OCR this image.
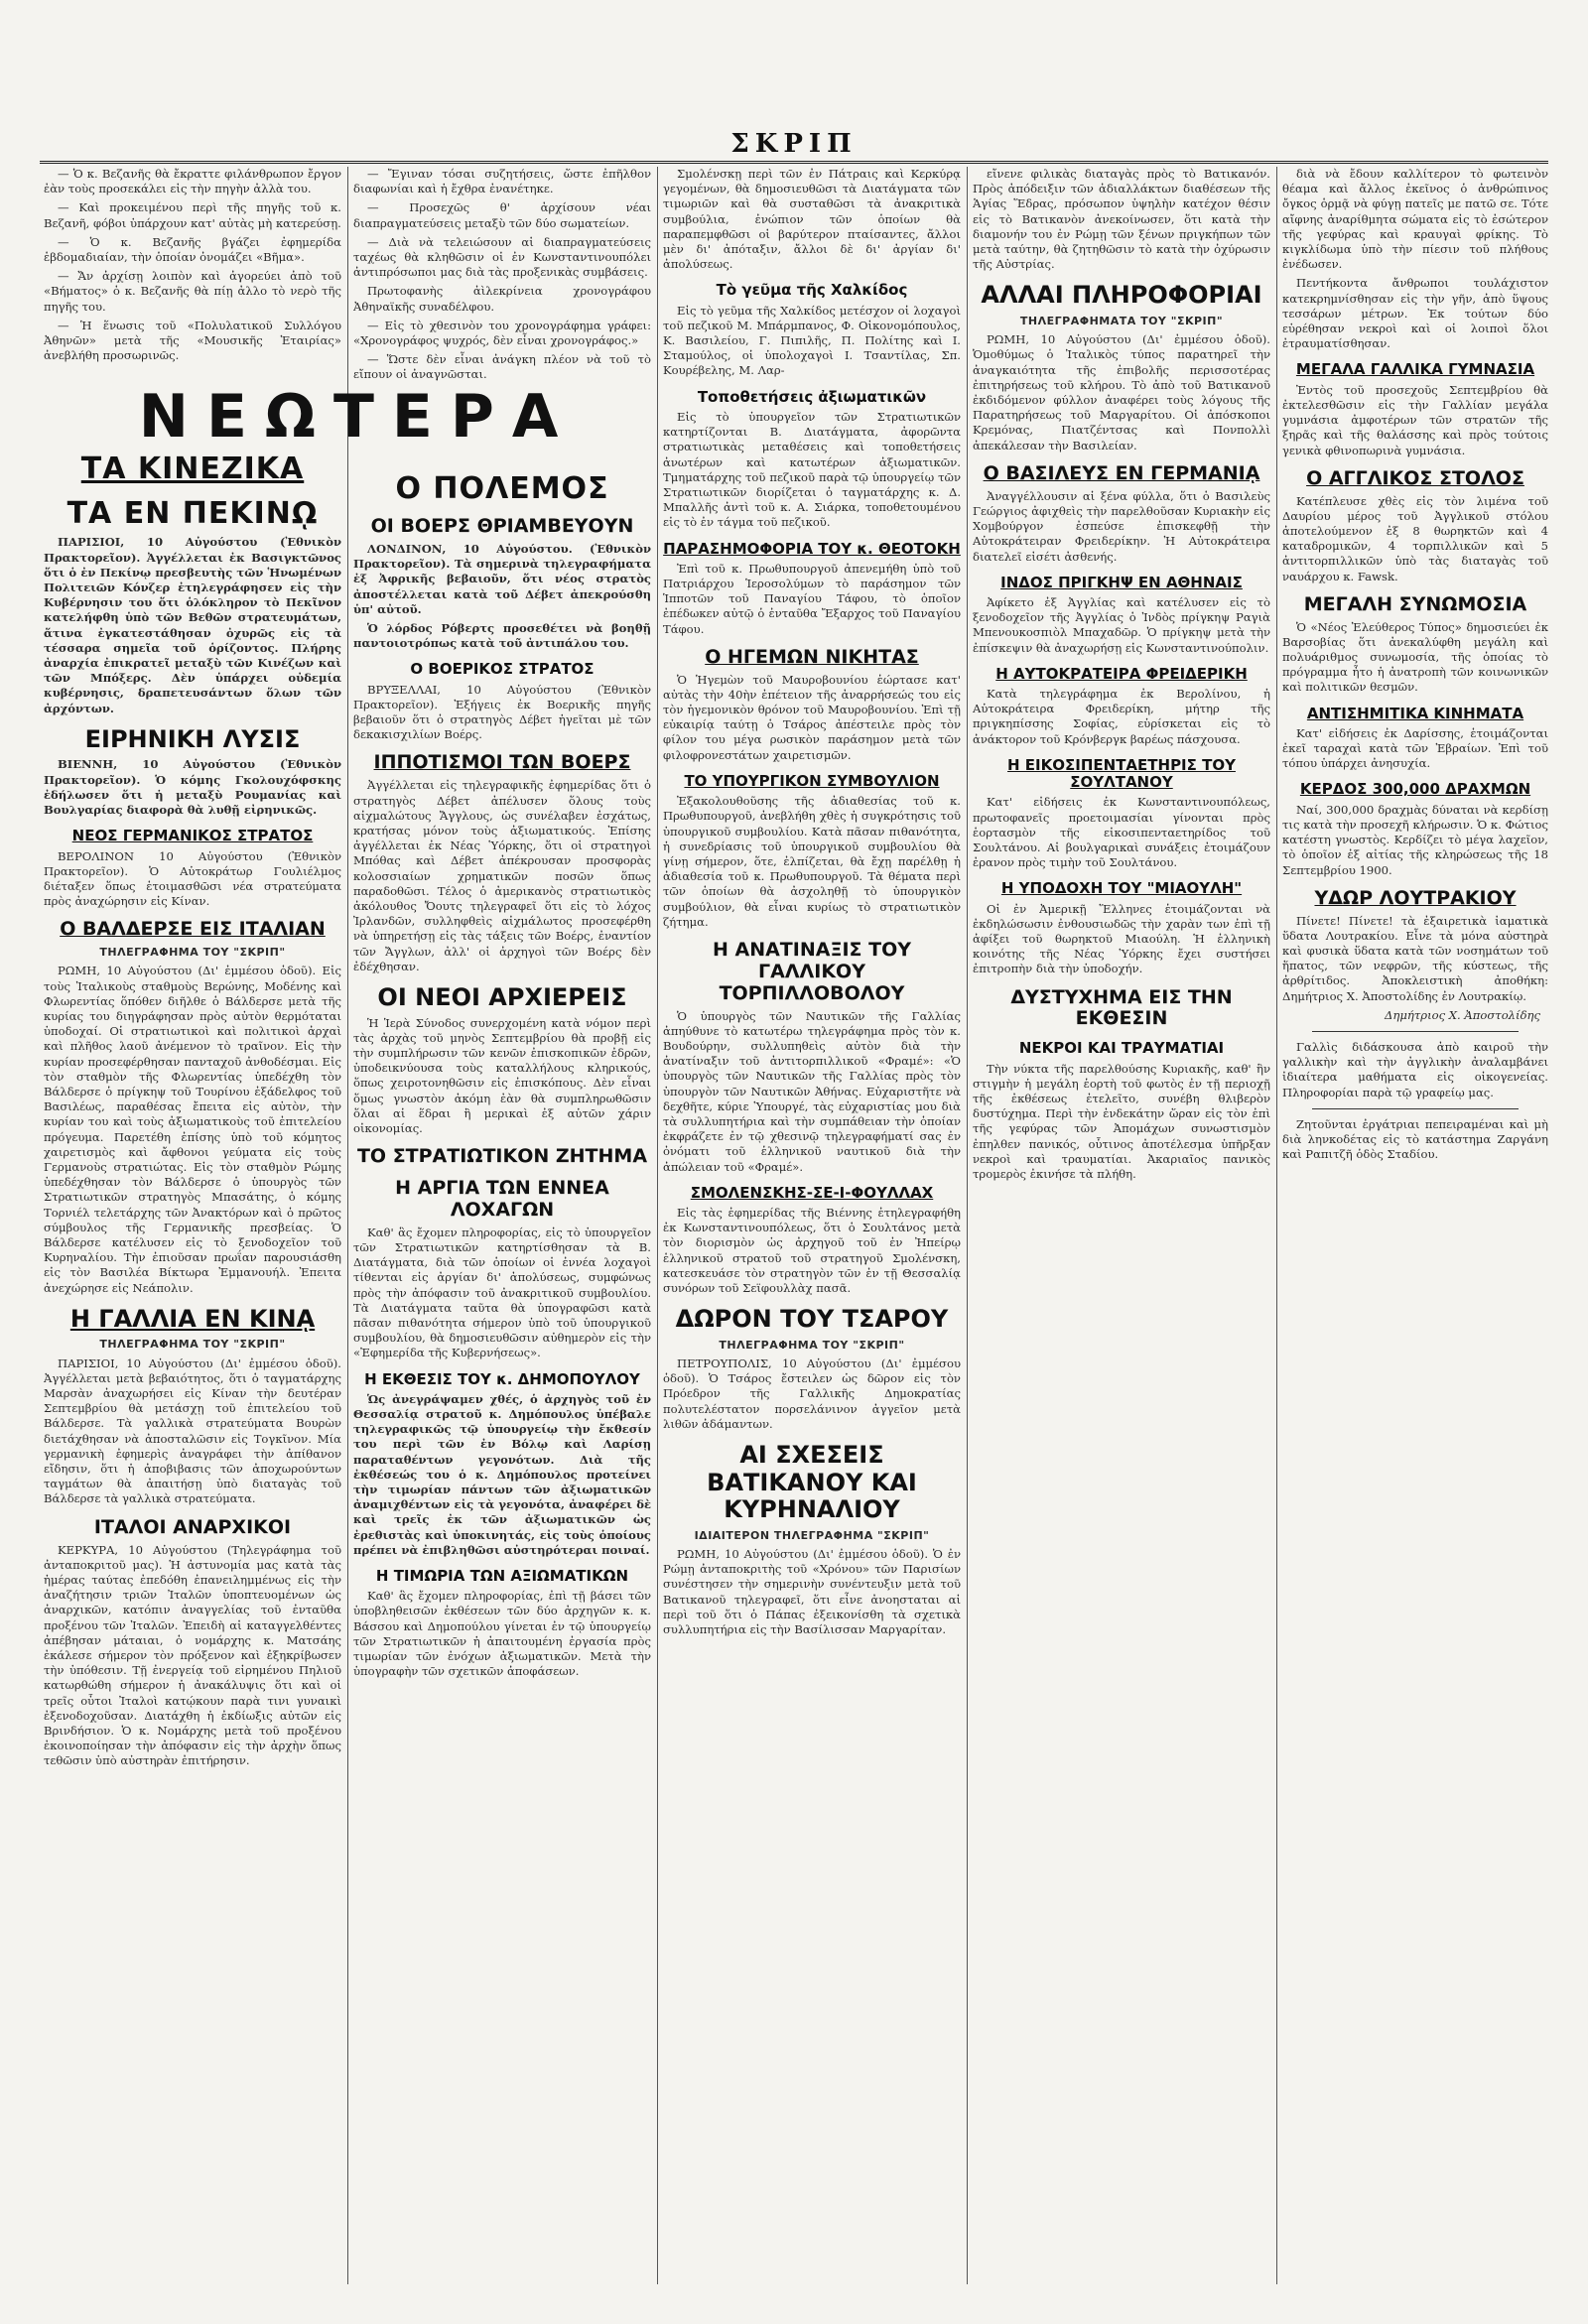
ΣΚΡΙΠ
ΝΕΩΤΕΡΑ

— Ὁ κ. Βεζανῆς θὰ ἔκραττε φιλάνθρωπον ἔργον ἐὰν τοὺς προσεκάλει εἰς τὴν πηγὴν ἀλλὰ του.

— Καὶ προκειμένου περὶ τῆς πηγῆς τοῦ κ. Βεζανῆ, φόβοι ὑπάρχουν κατ' αὐτὰς μὴ κατερεύσῃ.

— Ὁ κ. Βεζανῆς βγάζει ἐφημερίδα ἑβδομαδιαίαν, τὴν ὁποίαν ὀνομάζει «Βῆμα».

— Ἄν ἀρχίσῃ λοιπὸν καὶ ἀγορεύει ἀπὸ τοῦ «Βήματος» ὁ κ. Βεζανῆς θὰ πίῃ ἀλλο τὸ νερὸ τῆς πηγῆς του.

— Ἡ ἕνωσις τοῦ «Πολυλατικοῦ Συλλόγου Ἀθηνῶν» μετὰ τῆς «Μουσικῆς Ἑταιρίας» ἀνεβλήθη προσωρινῶς.

ΤΑ ΚΙΝΕΖΙΚΑ
ΤΑ ΕΝ ΠΕΚΙΝῼ

ΠΑΡΙΣΙΟΙ, 10 Αὐγούστου (Ἐθνικὸν Πρακτορεῖον). Ἀγγέλλεται ἐκ Βασιγκτῶνος ὅτι ὁ ἐν Πεκίνῳ πρεσβευτὴς τῶν Ἡνωμένων Πολιτειῶν Κόνζερ ἐτηλεγράφησεν εἰς τὴν Κυβέρνησιν του ὅτι ὁλόκληρον τὸ Πεκῖνον κατελήφθη ὑπὸ τῶν Βεθῶν στρατευμάτων, ἅτινα ἐγκατεστάθησαν ὀχυρῶς εἰς τὰ τέσσαρα σημεῖα τοῦ ὁρίζοντος. Πλήρης ἀναρχία ἐπικρατεῖ μεταξὺ τῶν Κινέζων καὶ τῶν Μπόξερς. Δὲν ὑπάρχει οὐδεμία κυβέρνησις, δραπετευσάντων ὅλων τῶν ἀρχόντων.

ΕΙΡΗΝΙΚΗ ΛΥΣΙΣ

ΒΙΕΝΝΗ, 10 Αὐγούστου (Ἐθνικὸν Πρακτορεῖον). Ὁ κόμης Γκολουχόφσκης ἐδήλωσεν ὅτι ἡ μεταξὺ Ρουμανίας καὶ Βουλγαρίας διαφορὰ θὰ λυθῇ εἰρηνικῶς.

ΝΕΟΣ ΓΕΡΜΑΝΙΚΟΣ ΣΤΡΑΤΟΣ

ΒΕΡΟΛΙΝΟΝ 10 Αὐγούστου (Ἐθνικὸν Πρακτορεῖον). Ὁ Αὐτοκράτωρ Γουλιέλμος διέταξεν ὅπως ἑτοιμασθῶσι νέα στρατεύματα πρὸς ἀναχώρησιν εἰς Κίναν.

Ο ΒΑΛΔΕΡΣΕ ΕΙΣ ΙΤΑΛΙΑΝ
ΤΗΛΕΓΡΑΦΗΜΑ ΤΟΥ "ΣΚΡΙΠ"

ΡΩΜΗ, 10 Αὐγούστου (Δι' ἐμμέσου ὁδοῦ). Εἰς τοὺς Ἰταλικοὺς σταθμοὺς Βερώνης, Μοδένης καὶ Φλωρεντίας ὅπόθεν διῆλθε ὁ Βάλδερσε μετὰ τῆς κυρίας του διηγράφησαν πρὸς αὐτὸν θερμόταται ὑποδοχαί. Οἱ στρατιωτικοὶ καὶ πολιτικοὶ ἀρχαὶ καὶ πλῆθος λαοῦ ἀνέμενον τὸ τραῖνον. Εἰς τὴν κυρίαν προσεφέρθησαν πανταχοῦ ἀνθοδέσμαι. Εἰς τὸν σταθμὸν τῆς Φλωρεντίας ὑπεδέχθη τὸν Βάλδερσε ὁ πρίγκηψ τοῦ Τουρίνου ἐξάδελφος τοῦ Βασιλέως, παραθέσας ἔπειτα εἰς αὐτὸν, τὴν κυρίαν του καὶ τοὺς ἀξιωματικοὺς τοῦ ἐπιτελείου πρόγευμα. Παρετέθη ἐπίσης ὑπὸ τοῦ κόμητος χαιρετισμὸς καὶ ἄφθονοι γεύματα εἰς τοὺς Γερμανοὺς στρατιώτας. Εἰς τὸν σταθμὸν Ρώμης ὑπεδέχθησαν τὸν Βάλδερσε ὁ ὑπουργὸς τῶν Στρατιωτικῶν στρατηγὸς Μπασάτης, ὁ κόμης Τορνιέλ τελετάρχης τῶν Ἀνακτόρων καὶ ὁ πρῶτος σύμβουλος τῆς Γερμανικῆς πρεσβείας. Ὁ Βάλδερσε κατέλυσεν εἰς τὸ ξενοδοχεῖον τοῦ Κυρηναλίου. Τὴν ἐπιοῦσαν πρωΐαν παρουσιάσθη εἰς τὸν Βασιλέα Βίκτωρα Ἐμμανουήλ. Ἐπειτα ἀνεχώρησε εἰς Νεάπολιν.

Η ΓΑΛΛΙΑ ΕΝ ΚΙΝᾼ
ΤΗΛΕΓΡΑΦΗΜΑ ΤΟΥ "ΣΚΡΙΠ"

ΠΑΡΙΣΙΟΙ, 10 Αὐγούστου (Δι' ἐμμέσου ὁδοῦ). Ἀγγέλλεται μετὰ βεβαιότητος, ὅτι ὁ ταγματάρχης Μαρσὰν ἀναχωρήσει εἰς Κίναν τὴν δευτέραν Σεπτεμβρίου θὰ μετάσχῃ τοῦ ἐπιτελείου τοῦ Βάλδερσε. Τὰ γαλλικὰ στρατεύματα Βουρὼν διετάχθησαν νὰ ἀποσταλῶσιν εἰς Τογκῖνον. Μία γερμανικὴ ἐφημερὶς ἀναγράφει τὴν ἀπίθανον εἴδησιν, ὅτι ἡ ἀποβιβασις τῶν ἀποχωρούντων ταγμάτων θὰ ἀπαιτήσῃ ὑπὸ διαταγὰς τοῦ Βάλδερσε τὰ γαλλικὰ στρατεύματα.

ΙΤΑΛΟΙ ΑΝΑΡΧΙΚΟΙ

ΚΕΡΚΥΡΑ, 10 Αὐγούστου (Τηλεγράφημα τοῦ ἀνταποκριτοῦ μας). Ἡ ἀστυνομία μας κατὰ τὰς ἡμέρας ταύτας ἐπεδόθη ἐπανειλημμένως εἰς τὴν ἀναζήτησιν τριῶν Ἰταλῶν ὑποπτευομένων ὡς ἀναρχικῶν, κατόπιν ἀναγγελίας τοῦ ἐνταῦθα προξένου τῶν Ἰταλῶν. Ἐπειδὴ αἱ καταγγελθέντες ἀπέβησαν μάταιαι, ὁ νομάρχης κ. Ματσάης ἐκάλεσε σήμερον τὸν πρόξενον καὶ ἐξηκρίβωσεν τὴν ὑπόθεσιν. Τῇ ἐνεργείᾳ τοῦ εἰρημένου Πηλιοῦ κατωρθώθη σήμερον ἡ ἀνακάλυψις ὅτι καὶ οἱ τρεῖς οὗτοι Ἰταλοὶ κατῴκουν παρὰ τινι γυναικὶ ἐξενοδοχοῦσαν. Διατάχθη ἡ ἐκδίωξις αὐτῶν εἰς Βρινδήσιον. Ὁ κ. Νομάρχης μετὰ τοῦ προξένου ἐκοινοποίησαν τὴν ἀπόφασιν εἰς τὴν ἀρχὴν ὅπως τεθῶσιν ὑπὸ αὐστηρὰν ἐπιτήρησιν.

— Ἔγιναν τόσαι συζητήσεις, ὥστε ἐπῆλθον διαφωνίαι καὶ ἡ ἔχθρα ἐνανέτηκε.

— Προσεχῶς θ' ἀρχίσουν νέαι διαπραγματεύσεις μεταξὺ τῶν δύο σωματείων.

— Διὰ νὰ τελειώσουν αἱ διαπραγματεύσεις ταχέως θὰ κληθῶσιν οἱ ἐν Κωνσταντινουπόλει ἀντιπρόσωποι μας διὰ τὰς προξενικὰς συμβάσεις.

Πρωτοφανὴς ἀὶλεκρίνεια χρονογράφου Ἀθηναϊκῆς συναδέλφου.

— Εἰς τὸ χθεσινὸν του χρονογράφημα γράφει: «Χρονογράφος ψυχρός, δὲν εἶναι χρονογράφος.»

— Ὥστε δὲν εἶναι ἀνάγκη πλέον νὰ τοῦ τὸ εἴπουν οἱ ἀναγνῶσται.

Ο ΠΟΛΕΜΟΣ
ΟΙ ΒΟΕΡΣ ΘΡΙΑΜΒΕΥΟΥΝ

ΛΟΝΔΙΝΟΝ, 10 Αὐγούστου. (Ἐθνικὸν Πρακτορεῖον). Τὰ σημερινὰ τηλεγραφήματα ἐξ Ἀφρικῆς βεβαιοῦν, ὅτι νέος στρατὸς ἀποστέλλεται κατὰ τοῦ Δέβετ ἀπεκρούσθη ὑπ' αὐτοῦ.

Ὁ λόρδος Ρόβερτς προσεθέτει νὰ βοηθῇ παντοιοτρόπως κατὰ τοῦ ἀντιπάλου του.

Ο ΒΟΕΡΙΚΟΣ ΣΤΡΑΤΟΣ

ΒΡΥΞΕΛΛΑΙ, 10 Αὐγούστου (Ἐθνικὸν Πρακτορεῖον). Ἐξήγεις ἐκ Βοερικῆς πηγῆς βεβαιοῦν ὅτι ὁ στρατηγὸς Δέβετ ἡγεῖται μὲ τῶν δεκακισχιλίων Βοέρς.

ΙΠΠΟΤΙΣΜΟΙ ΤΩΝ ΒΟΕΡΣ

Ἀγγέλλεται εἰς τηλεγραφικῆς ἐφημερίδας ὅτι ὁ στρατηγὸς Δέβετ ἀπέλυσεν ὅλους τοὺς αἰχμαλώτους Ἄγγλους, ὡς συνέλαβεν ἐσχάτως, κρατήσας μόνον τοὺς ἀξιωματικούς. Ἐπίσης ἀγγέλλεται ἐκ Νέας Ὑόρκης, ὅτι οἱ στρατηγοὶ Μπόθας καὶ Δέβετ ἀπέκρουσαν προσφορὰς κολοσσιαίων χρηματικῶν ποσῶν ὅπως παραδοθῶσι. Τέλος ὁ ἀμερικανὸς στρατιωτικὸς ἀκόλουθος Ὄουτς τηλεγραφεῖ ὅτι εἰς τὸ λόχος Ἰρλανδῶν, συλληφθεὶς αἰχμάλωτος προσεφέρθη νὰ ὑπηρετήσῃ εἰς τὰς τάξεις τῶν Βοέρς, ἐναντίον τῶν Ἄγγλων, ἀλλ' οἱ ἀρχηγοὶ τῶν Βοέρς δὲν ἐδέχθησαν.

ΟΙ ΝΕΟΙ ΑΡΧΙΕΡΕΙΣ

Ἡ Ἱερὰ Σύνοδος συνερχομένη κατὰ νόμον περὶ τὰς ἀρχὰς τοῦ μηνὸς Σεπτεμβρίου θὰ προβῇ εἰς τὴν συμπλήρωσιν τῶν κενῶν ἐπισκοπικῶν ἐδρῶν, ὑποδεικνύουσα τοὺς καταλλήλους κληρικούς, ὅπως χειροτονηθῶσιν εἰς ἐπισκόπους. Δὲν εἶναι ὅμως γνωστὸν ἀκόμη ἐὰν θὰ συμπληρωθῶσιν ὅλαι αἱ ἕδραι ἢ μερικαὶ ἐξ αὐτῶν χάριν οἰκονομίας.

ΤΟ ΣΤΡΑΤΙΩΤΙΚΟΝ ΖΗΤΗΜΑ
Η ΑΡΓΙΑ ΤΩΝ ΕΝΝΕΑ ΛΟΧΑΓΩΝ

Καθ' ἃς ἔχομεν πληροφορίας, εἰς τὸ ὑπουργεῖον τῶν Στρατιωτικῶν κατηρτίσθησαν τὰ Β. Διατάγματα, διὰ τῶν ὁποίων οἱ ἐννέα λοχαγοὶ τίθενται εἰς ἀργίαν δι' ἀπολύσεως, συμφώνως πρὸς τὴν ἀπόφασιν τοῦ ἀνακριτικοῦ συμβουλίου. Τὰ Διατάγματα ταῦτα θὰ ὑπογραφῶσι κατὰ πᾶσαν πιθανότητα σήμερον ὑπὸ τοῦ ὑπουργικοῦ συμβουλίου, θὰ δημοσιευθῶσιν αὐθημερὸν εἰς τὴν «Ἐφημερίδα τῆς Κυβερνήσεως».

Η ΕΚΘΕΣΙΣ ΤΟΥ κ. ΔΗΜΟΠΟΥΛΟΥ

Ὡς ἀνεγράψαμεν χθές, ὁ ἀρχηγὸς τοῦ ἐν Θεσσαλίᾳ στρατοῦ κ. Δημόπουλος ὑπέβαλε τηλεγραφικῶς τῷ ὑπουργείῳ τὴν ἔκθεσίν του περὶ τῶν ἐν Βόλῳ καὶ Λαρίσῃ παραταθέντων γεγονότων. Διὰ τῆς ἐκθέσεώς του ὁ κ. Δημόπουλος προτείνει τὴν τιμωρίαν πάντων τῶν ἀξιωματικῶν ἀναμιχθέντων εἰς τὰ γεγονότα, ἀναφέρει δὲ καὶ τρεῖς ἐκ τῶν ἀξιωματικῶν ὡς ἐρεθιστὰς καὶ ὑποκινητάς, εἰς τοὺς ὁποίους πρέπει νὰ ἐπιβληθῶσι αὐστηρότεραι ποιναί.

Η ΤΙΜΩΡΙΑ ΤΩΝ ΑΞΙΩΜΑΤΙΚΩΝ

Καθ' ἃς ἔχομεν πληροφορίας, ἐπὶ τῇ βάσει τῶν ὑποβληθεισῶν ἐκθέσεων τῶν δύο ἀρχηγῶν κ. κ. Βάσσου καὶ Δημοπούλου γίνεται ἐν τῷ ὑπουργείῳ τῶν Στρατιωτικῶν ἡ ἀπαιτουμένη ἐργασία πρὸς τιμωρίαν τῶν ἐνόχων ἀξιωματικῶν. Μετὰ τὴν ὑπογραφὴν τῶν σχετικῶν ἀποφάσεων.

Σμολένσκῃ περὶ τῶν ἐν Πάτραις καὶ Κερκύρᾳ γεγομένων, θὰ δημοσιευθῶσι τὰ Διατάγματα τῶν τιμωριῶν καὶ θὰ συσταθῶσι τὰ ἀνακριτικὰ συμβούλια, ἐνώπιον τῶν ὁποίων θὰ παραπεμφθῶσι οἱ βαρύτερον πταίσαντες, ἄλλοι μὲν δι' ἀπόταξιν, ἄλλοι δὲ δι' ἀργίαν δι' ἀπολύσεως.

Τὸ γεῦμα τῆς Χαλκίδος

Εἰς τὸ γεῦμα τῆς Χαλκίδος μετέσχον οἱ λοχαγοὶ τοῦ πεζικοῦ Μ. Μπάρμπανος, Φ. Οἰκονομόπουλος, Κ. Βασιλείου, Γ. Πιπιλῆς, Π. Πολίτης καὶ Ι. Σταμούλος, οἱ ὑπολοχαγοὶ Ι. Τσαντίλας, Σπ. Κουρέβελης, Μ. Λαρ-

Τοποθετήσεις ἀξιωματικῶν

Εἰς τὸ ὑπουργεῖον τῶν Στρατιωτικῶν κατηρτίζονται Β. Διατάγματα, ἀφορῶντα στρατιωτικὰς μεταθέσεις καὶ τοποθετήσεις ἀνωτέρων καὶ κατωτέρων ἀξιωματικῶν. Τμηματάρχης τοῦ πεζικοῦ παρὰ τῷ ὑπουργείῳ τῶν Στρατιωτικῶν διορίζεται ὁ ταγματάρχης κ. Δ. Μπαλλῆς ἀντὶ τοῦ κ. Α. Σιάρκα, τοποθετουμένου εἰς τὸ ἐν τάγμα τοῦ πεζικοῦ.

ΠΑΡΑΣΗΜΟΦΟΡΙΑ ΤΟΥ κ. ΘΕΟΤΟΚΗ

Ἐπὶ τοῦ κ. Πρωθυπουργοῦ ἀπενεμήθη ὑπὸ τοῦ Πατριάρχου Ἱεροσολύμων τὸ παράσημον τῶν Ἱπποτῶν τοῦ Παναγίου Τάφου, τὸ ὁποῖον ἐπέδωκεν αὐτῷ ὁ ἐνταῦθα Ἔξαρχος τοῦ Παναγίου Τάφου.

Ο ΗΓΕΜΩΝ ΝΙΚΗΤΑΣ

Ὁ Ἡγεμὼν τοῦ Μαυροβουνίου ἑώρτασε κατ' αὐτὰς τὴν 40ὴν ἐπέτειον τῆς ἀναρρήσεώς του εἰς τὸν ἡγεμονικὸν θρόνον τοῦ Μαυροβουνίου. Ἐπὶ τῇ εὐκαιρίᾳ ταύτῃ ὁ Τσάρος ἀπέστειλε πρὸς τὸν φίλον του μέγα ρωσικὸν παράσημον μετὰ τῶν φιλοφρονεστάτων χαιρετισμῶν.

ΤΟ ΥΠΟΥΡΓΙΚΟΝ ΣΥΜΒΟΥΛΙΟΝ

Ἐξακολουθοῦσης τῆς ἀδιαθεσίας τοῦ κ. Πρωθυπουργοῦ, ἀνεβλήθη χθὲς ἡ συγκρότησις τοῦ ὑπουργικοῦ συμβουλίου. Κατὰ πᾶσαν πιθανότητα, ἡ συνεδρίασις τοῦ ὑπουργικοῦ συμβουλίου θὰ γίνῃ σήμερον, ὅτε, ἐλπίζεται, θὰ ἔχῃ παρέλθῃ ἡ ἀδιαθεσία τοῦ κ. Πρωθυπουργοῦ. Τὰ θέματα περὶ τῶν ὁποίων θὰ ἀσχοληθῇ τὸ ὑπουργικὸν συμβούλιον, θὰ εἶναι κυρίως τὸ στρατιωτικὸν ζήτημα.

Η ΑΝΑΤΙΝΑΞΙΣ ΤΟΥ ΓΑΛΛΙΚΟΥ ΤΟΡΠΙΛΛΟΒΟΛΟΥ

Ὁ ὑπουργὸς τῶν Ναυτικῶν τῆς Γαλλίας ἀπηύθυνε τὸ κατωτέρω τηλεγράφημα πρὸς τὸν κ. Βουδούρην, συλλυπηθεὶς αὐτὸν διὰ τὴν ἀνατίναξιν τοῦ ἀντιτορπιλλικοῦ «Φραμέ»: «Ὁ ὑπουργὸς τῶν Ναυτικῶν τῆς Γαλλίας πρὸς τὸν ὑπουργὸν τῶν Ναυτικῶν Ἀθήνας. Εὐχαριστῆτε νὰ δεχθῆτε, κύριε Ὑπουργέ, τὰς εὐχαριστίας μου διὰ τὰ συλλυπητήρια καὶ τὴν συμπάθειαν τὴν ὁποίαν ἐκφράζετε ἐν τῷ χθεσινῷ τηλεγραφήματί σας ἐν ὀνόματι τοῦ ἑλληνικοῦ ναυτικοῦ διὰ τὴν ἀπώλειαν τοῦ «Φραμέ».

ΣΜΟΛΕΝΣΚΗΣ-ΣΕ-Ι-ΦΟΥΛΛΑΧ

Εἰς τὰς ἐφημερίδας τῆς Βιέννης ἐτηλεγραφήθη ἐκ Κωνσταντινουπόλεως, ὅτι ὁ Σουλτάνος μετὰ τὸν διορισμὸν ὡς ἀρχηγοῦ τοῦ ἐν Ἠπείρῳ ἑλληνικοῦ στρατοῦ τοῦ στρατηγοῦ Σμολένσκη, κατεσκευάσε τὸν στρατηγὸν τῶν ἐν τῇ Θεσσαλίᾳ συνόρων τοῦ Σεϊφουλλὰχ πασᾶ.

ΔΩΡΟΝ ΤΟΥ ΤΣΑΡΟΥ
ΤΗΛΕΓΡΑΦΗΜΑ ΤΟΥ "ΣΚΡΙΠ"

ΠΕΤΡΟΥΠΟΛΙΣ, 10 Αὐγούστου (Δι' ἐμμέσου ὁδοῦ). Ὁ Τσάρος ἔστειλεν ὡς δῶρον εἰς τὸν Πρόεδρον τῆς Γαλλικῆς Δημοκρατίας πολυτελέστατον πορσελάνινον ἀγγεῖον μετὰ λιθῶν ἀδάμαντων.

ΑΙ ΣΧΕΣΕΙΣ ΒΑΤΙΚΑΝΟΥ ΚΑΙ ΚΥΡΗΝΑΛΙΟΥ
ΙΔΙΑΙΤΕΡΟΝ ΤΗΛΕΓΡΑΦΗΜΑ "ΣΚΡΙΠ"

ΡΩΜΗ, 10 Αὐγούστου (Δι' ἐμμέσου ὁδοῦ). Ὁ ἐν Ρώμῃ ἀνταποκριτὴς τοῦ «Χρόνου» τῶν Παρισίων συνέστησεν τὴν σημερινὴν συνέντευξιν μετὰ τοῦ Βατικανοῦ τηλεγραφεῖ, ὅτι εἶνε ἀνοησταται αἱ περὶ τοῦ ὅτι ὁ Πάπας ἐξεικονίσθη τὰ σχετικὰ συλλυπητήρια εἰς τὴν Βασίλισσαν Μαργαρίταν.

εἴνενε φιλικὰς διαταγὰς πρὸς τὸ Βατικανόν. Πρὸς ἀπόδειξιν τῶν ἀδιαλλάκτων διαθέσεων τῆς Ἁγίας Ἕδρας, πρόσωπον ὑψηλὴν κατέχον θέσιν εἰς τὸ Βατικανὸν ἀνεκοίνωσεν, ὅτι κατὰ τὴν διαμονήν του ἐν Ρώμῃ τῶν ξένων πριγκήπων τῶν μετὰ ταύτην, θὰ ζητηθῶσιν τὸ κατὰ τὴν ὀχύρωσιν τῆς Αὐστρίας.

ΑΛΛΑΙ ΠΛΗΡΟΦΟΡΙΑΙ
ΤΗΛΕΓΡΑΦΗΜΑΤΑ ΤΟΥ "ΣΚΡΙΠ"

ΡΩΜΗ, 10 Αὐγούστου (Δι' ἐμμέσου ὁδοῦ). Ὁμοθύμως ὁ Ἰταλικὸς τύπος παρατηρεῖ τὴν ἀναγκαιότητα τῆς ἐπιβολῆς περισσοτέρας ἐπιτηρήσεως τοῦ κλήρου. Τὸ ἀπὸ τοῦ Βατικανοῦ ἐκδιδόμενον φύλλον ἀναφέρει τοὺς λόγους τῆς Παρατηρήσεως τοῦ Μαργαρίτου. Οἱ ἀπόσκοποι Κρεμόνας, Πιατζέντσας καὶ Πονπολλὶ ἀπεκάλεσαν τὴν Βασιλείαν.

Ο ΒΑΣΙΛΕΥΣ ΕΝ ΓΕΡΜΑΝΙᾼ

Ἀναγγέλλουσιν αἱ ξένα φύλλα, ὅτι ὁ Βασιλεὺς Γεώργιος ἀφιχθεὶς τὴν παρελθοῦσαν Κυριακὴν εἰς Χομβούργον ἐσπεύσε ἐπισκεφθῇ τὴν Αὐτοκράτειραν Φρειδερίκην. Ἡ Αὐτοκράτειρα διατελεῖ εἰσέτι ἀσθενής.

ΙΝΔΟΣ ΠΡΙΓΚΗΨ ΕΝ ΑΘΗΝΑΙΣ

Ἀφίκετο ἐξ Ἀγγλίας καὶ κατέλυσεν εἰς τὸ ξενοδοχεῖον τῆς Ἀγγλίας ὁ Ἰνδὸς πρίγκηψ Ραγιὰ Μπενουκοσπιὸλ Μπαχαδῶρ. Ὁ πρίγκηψ μετὰ τὴν ἐπίσκεψιν θὰ ἀναχωρήσῃ εἰς Κωνσταντινούπολιν.

Η ΑΥΤΟΚΡΑΤΕΙΡΑ ΦΡΕΙΔΕΡΙΚΗ

Κατὰ τηλεγράφημα ἐκ Βερολίνου, ἡ Αὐτοκράτειρα Φρειδερίκη, μήτηρ τῆς πριγκηπίσσης Σοφίας, εὑρίσκεται εἰς τὸ ἀνάκτορον τοῦ Κρόνβεργκ βαρέως πάσχουσα.

Η ΕΙΚΟΣΙΠΕΝΤΑΕΤΗΡΙΣ ΤΟΥ ΣΟΥΛΤΑΝΟΥ

Κατ' εἰδήσεις ἐκ Κωνσταντινουπόλεως, πρωτοφανεῖς προετοιμασίαι γίνονται πρὸς ἑορτασμὸν τῆς εἰκοσιπενταετηρίδος τοῦ Σουλτάνου. Αἱ βουλγαρικαὶ συνάξεις ἐτοιμάζουν ἐρανον πρὸς τιμὴν τοῦ Σουλτάνου.

Η ΥΠΟΔΟΧΗ ΤΟΥ "ΜΙΑΟΥΛΗ"

Οἱ ἐν Ἀμερικῇ Ἕλληνες ἑτοιμάζονται νὰ ἐκδηλώσωσιν ἐνθουσιωδῶς τὴν χαρὰν των ἐπὶ τῇ ἀφίξει τοῦ θωρηκτοῦ Μιαούλη. Ἡ ἑλληνικὴ κοινότης τῆς Νέας Ὑόρκης ἔχει συστήσει ἐπιτροπὴν διὰ τὴν ὑποδοχήν.

ΔΥΣΤΥΧΗΜΑ ΕΙΣ ΤΗΝ ΕΚΘΕΣΙΝ
ΝΕΚΡΟΙ ΚΑΙ ΤΡΑΥΜΑΤΙΑΙ

Τὴν νύκτα τῆς παρελθούσης Κυριακῆς, καθ' ἣν στιγμὴν ἡ μεγάλη ἑορτὴ τοῦ φωτὸς ἐν τῇ περιοχῇ τῆς ἐκθέσεως ἐτελεῖτο, συνέβη θλιβερὸν δυστύχημα. Περὶ τὴν ἐνδεκάτην ὥραν εἰς τὸν ἐπὶ τῆς γεφύρας τῶν Ἀπομάχων συνωστισμὸν ἐπηλθεν πανικός, οὗτινος ἀποτέλεσμα ὑπῆρξαν νεκροὶ καὶ τραυματίαι. Ἀκαριαῖος πανικὸς τρομερὸς ἐκινήσε τὰ πλήθη.

διὰ νὰ ἔδουν καλλίτερον τὸ φωτεινὸν θέαμα καὶ ἄλλος ἐκεῖνος ὁ ἀνθρώπινος ὄγκος ὁρμᾷ νὰ φύγῃ πατεῖς με πατῶ σε. Τότε αἴφνης ἀναρίθμητα σώματα εἰς τὸ ἐσώτερον τῆς γεφύρας καὶ κραυγαὶ φρίκης. Τὸ κιγκλίδωμα ὑπὸ τὴν πίεσιν τοῦ πλήθους ἐνέδωσεν.

Πεντήκοντα ἄνθρωποι τουλάχιστον κατεκρημνίσθησαν εἰς τὴν γῆν, ἀπὸ ὕψους τεσσάρων μέτρων. Ἐκ τούτων δύο εὑρέθησαν νεκροὶ καὶ οἱ λοιποὶ ὅλοι ἐτραυματίσθησαν.

ΜΕΓΑΛΑ ΓΑΛΛΙΚΑ ΓΥΜΝΑΣΙΑ

Ἐντὸς τοῦ προσεχοῦς Σεπτεμβρίου θὰ ἐκτελεσθῶσιν εἰς τὴν Γαλλίαν μεγάλα γυμνάσια ἀμφοτέρων τῶν στρατῶν τῆς ξηρᾶς καὶ τῆς θαλάσσης καὶ πρὸς τούτοις γενικὰ φθινοπωρινὰ γυμνάσια.

Ο ΑΓΓΛΙΚΟΣ ΣΤΟΛΟΣ

Κατέπλευσε χθὲς εἰς τὸν λιμένα τοῦ Δαυρίου μέρος τοῦ Ἀγγλικοῦ στόλου ἀποτελούμενον ἐξ 8 θωρηκτῶν καὶ 4 καταδρομικῶν, 4 τορπιλλικῶν καὶ 5 ἀντιτορπιλλικῶν ὑπὸ τὰς διαταγὰς τοῦ ναυάρχου κ. Fawsk.

ΜΕΓΑΛΗ ΣΥΝΩΜΟΣΙΑ

Ὁ «Νέος Ἐλεύθερος Τύπος» δημοσιεύει ἐκ Βαρσοβίας ὅτι ἀνεκαλύφθη μεγάλη καὶ πολυάριθμος συνωμοσία, τῆς ὁποίας τὸ πρόγραμμα ἦτο ἡ ἀνατροπὴ τῶν κοινωνικῶν καὶ πολιτικῶν θεσμῶν.

ΑΝΤΙΣΗΜΙΤΙΚΑ ΚΙΝΗΜΑΤΑ

Κατ' εἰδήσεις ἐκ Δαρίσσης, ἑτοιμάζονται ἐκεῖ ταραχαὶ κατὰ τῶν Ἑβραίων. Ἐπὶ τοῦ τόπου ὑπάρχει ἀνησυχία.

ΚΕΡΔΟΣ 300,000 ΔΡΑΧΜΩΝ

Ναί, 300,000 δραχμὰς δύναται νὰ κερδίσῃ τις κατὰ τὴν προσεχῆ κλήρωσιν. Ὁ κ. Φώτιος κατέστη γνωστὸς. Κερδίζει τὸ μέγα λαχεῖον, τὸ ὁποῖον ἐξ αἰτίας τῆς κληρώσεως τῆς 18 Σεπτεμβρίου 1900.

ΥΔΩΡ ΛΟΥΤΡΑΚΙΟΥ

Πίνετε! Πίνετε! τὰ ἐξαιρετικὰ ἰαματικὰ ὕδατα Λουτρακίου. Εἶνε τὰ μόνα αὐστηρὰ καὶ φυσικὰ ὕδατα κατὰ τῶν νοσημάτων τοῦ ἥπατος, τῶν νεφρῶν, τῆς κύστεως, τῆς ἀρθρίτιδος. Ἀποκλειστικὴ ἀποθήκη: Δημήτριος Χ. Ἀποστολίδης ἐν Λουτρακίῳ.

Δημήτριος Χ. Ἀποστολίδης

Γαλλὶς διδάσκουσα ἀπὸ καιροῦ τὴν γαλλικὴν καὶ τὴν ἀγγλικὴν ἀναλαμβάνει ἰδιαίτερα μαθήματα εἰς οἰκογενείας. Πληροφορίαι παρὰ τῷ γραφείῳ μας.

Ζητοῦνται ἐργάτριαι πεπειραμέναι καὶ μὴ διὰ ληνκοδέτας εἰς τὸ κατάστημα Ζαργάνη καὶ Ραπιτζῆ ὁδὸς Σταδίου.
